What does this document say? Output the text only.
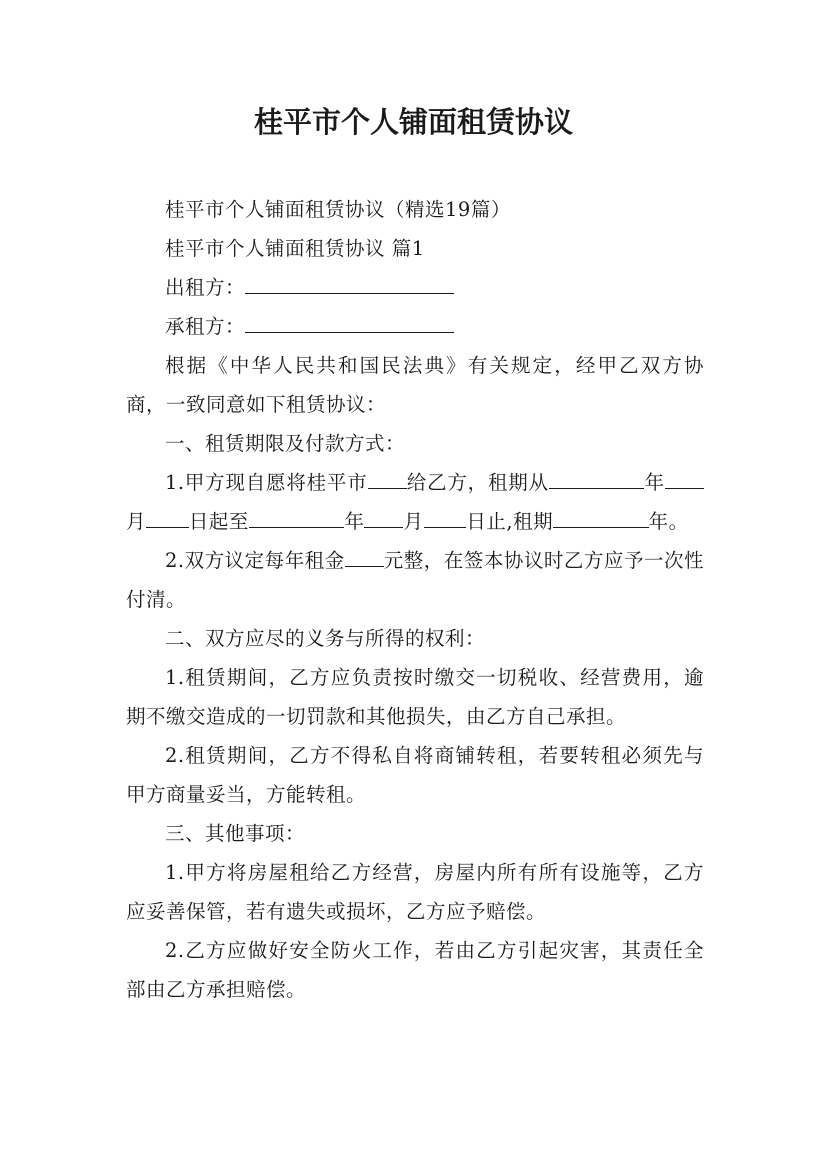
桂平市个人铺面租赁协议

桂平市个人铺面租赁协议（精选19篇）

桂平市个人铺面租赁协议 篇1

出租方：

承租方：

根据《中华人民共和国民法典》有关规定，经甲乙双方协商，一致同意如下租赁协议：

一、租赁期限及付款方式：

1.甲方现自愿将桂平市 给乙方，租期从	年月 日起至	年 月 日止,租期	年。

2.双方议定每年租金 元整，在签本协议时乙方应予一次性付清。

二、双方应尽的义务与所得的权利：

1.租赁期间，乙方应负责按时缴交一切税收、经营费用，逾期不缴交造成的一切罚款和其他损失，由乙方自己承担。

2.租赁期间，乙方不得私自将商铺转租，若要转租必须先与甲方商量妥当，方能转租。

三、其他事项：

1.甲方将房屋租给乙方经营，房屋内所有所有设施等，乙方应妥善保管，若有遗失或损坏，乙方应予赔偿。

2.乙方应做好安全防火工作，若由乙方引起灾害，其责任全部由乙方承担赔偿。
